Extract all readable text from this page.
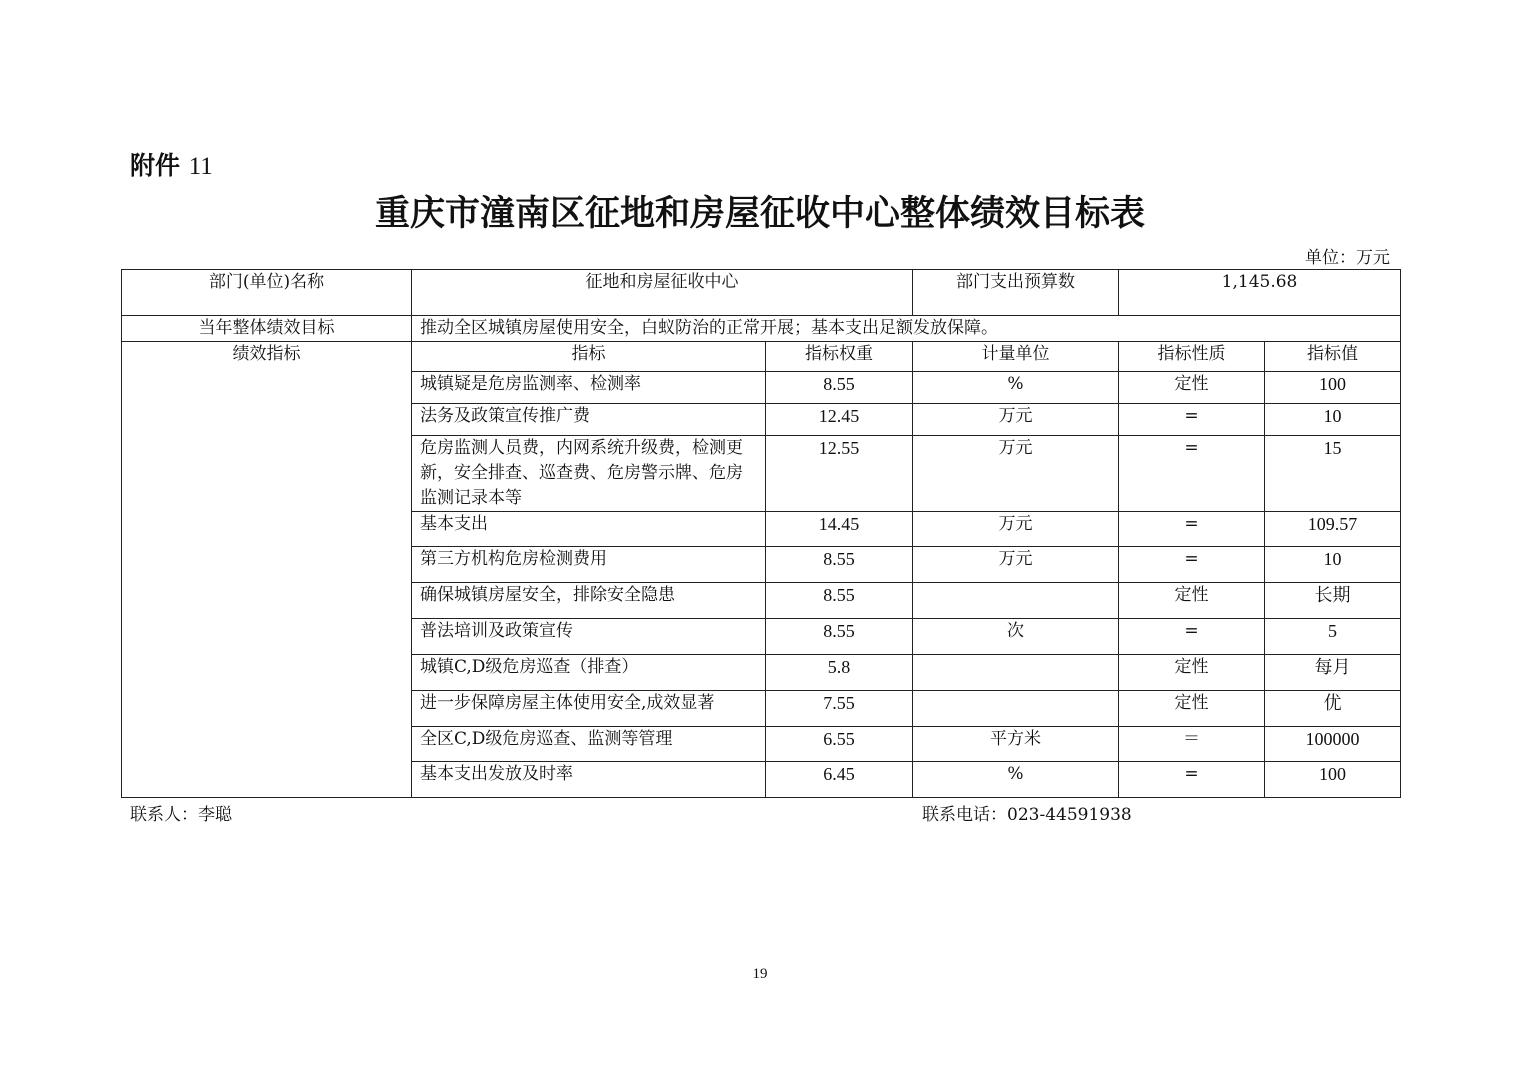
附件 11
重庆市潼南区征地和房屋征收中心整体绩效目标表
单位：万元
部门(单位)名称	征地和房屋征收中心		部门支出预算数	1,145.68	
当年整体绩效目标	推动全区城镇房屋使用安全，白蚁防治的正常开展；基本支出足额发放保障。				
绩效指标	指标	指标权重	计量单位	指标性质	指标值
	城镇疑是危房监测率、检测率	8.55	%	定性	100
	法务及政策宣传推广费	12.45	万元	=	10
	危房监测人员费，内网系统升级费，检测更新，安全排查、巡查费、危房警示牌、危房监测记录本等	12.55	万元	=	15
	基本支出	14.45	万元	=	109.57
	第三方机构危房检测费用	8.55	万元	=	10
	确保城镇房屋安全，排除安全隐患	8.55		定性	长期
	普法培训及政策宣传	8.55	次	=	5
	城镇C,D级危房巡查（排查）	5.8		定性	每月
	进一步保障房屋主体使用安全,成效显著	7.55		定性	优
	全区C,D级危房巡查、监测等管理	6.55	平方米	＝	100000
	基本支出发放及时率	6.45	%	=	100
联系人：李聪	联系电话：023-44591938
19
